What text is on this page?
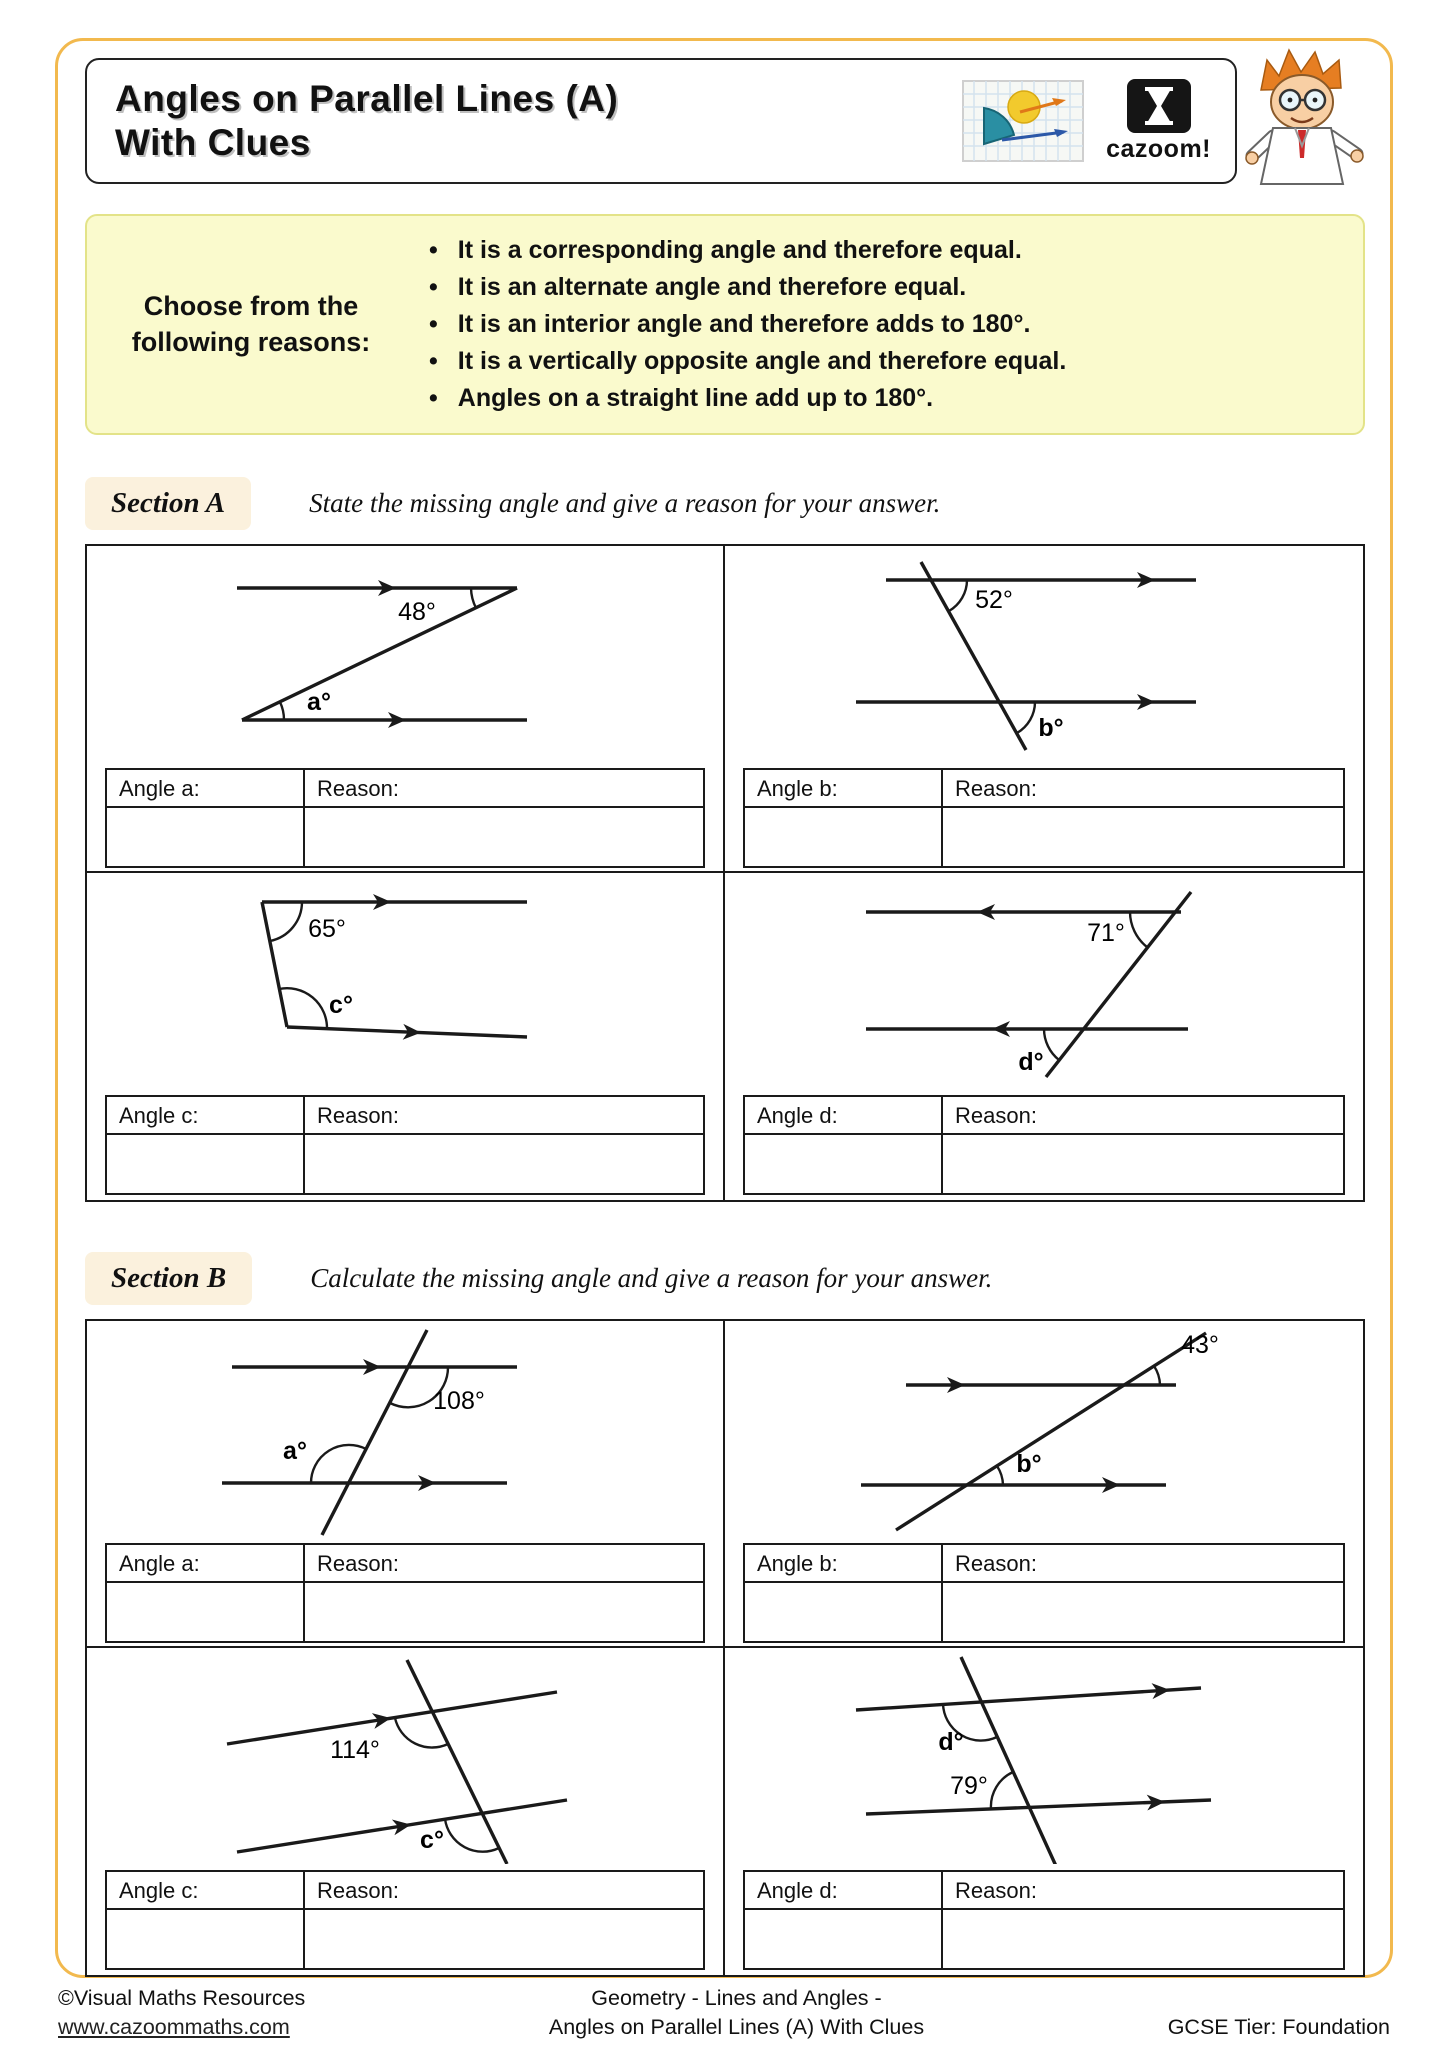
Angles on Parallel Lines (A)
With Clues	cazoom!
Choose from the following reasons:
• It is a corresponding angle and therefore equal.
• It is an alternate angle and therefore equal.
• It is an interior angle and therefore adds to 180°.
• It is a vertically opposite angle and therefore equal.
• Angles on a straight line add up to 180°.
Section A	State the missing angle and give a reason for your answer.
48°
a°
Angle a:	Reason:
52°
b°
Angle b:	Reason:
65°
c°
Angle c:	Reason:
71°
d°
Angle d:	Reason:
Section B	Calculate the missing angle and give a reason for your answer.
108°
a°
Angle a:	Reason:
43°
b°
Angle b:	Reason:
114°
c°
Angle c:	Reason:
d°
79°
Angle d:	Reason:
©Visual Maths Resources
www.cazoommaths.com
Geometry - Lines and Angles -
Angles on Parallel Lines (A) With Clues	GCSE Tier: Foundation
